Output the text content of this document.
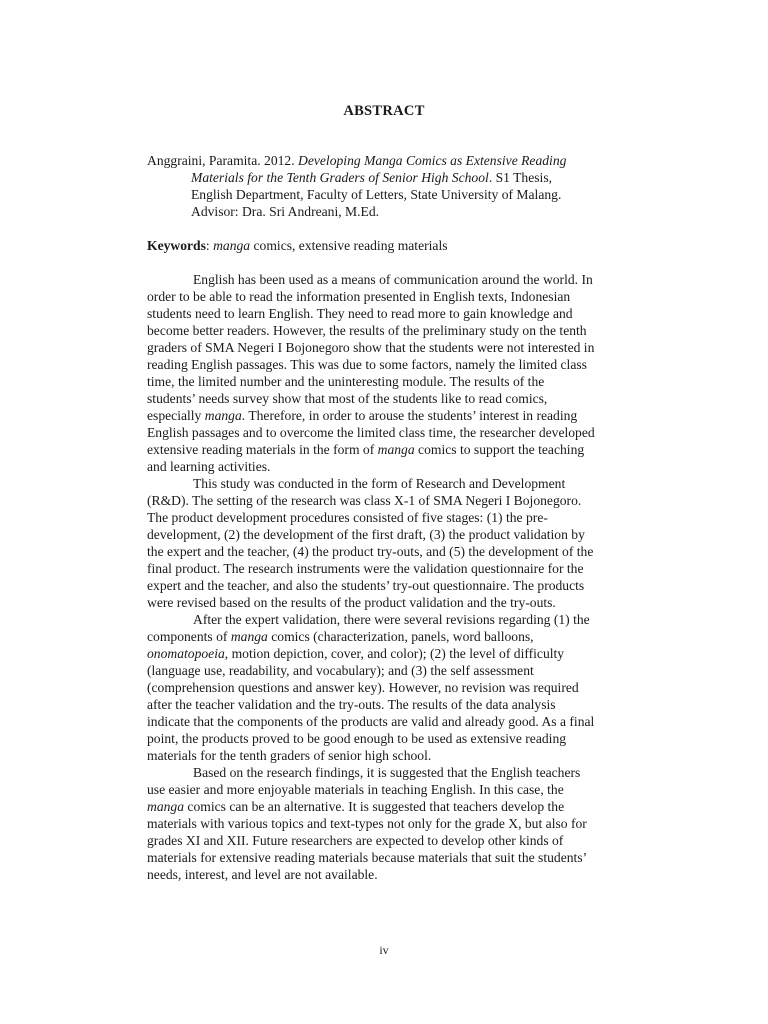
ABSTRACT
Anggraini, Paramita. 2012. Developing Manga Comics as Extensive Reading
Materials for the Tenth Graders of Senior High School. S1 Thesis,
English Department, Faculty of Letters, State University of Malang.
Advisor: Dra. Sri Andreani, M.Ed.
Keywords: manga comics, extensive reading materials
English has been used as a means of communication around the world. In
order to be able to read the information presented in English texts, Indonesian
students need to learn English. They need to read more to gain knowledge and
become better readers. However, the results of the preliminary study on the tenth
graders of SMA Negeri I Bojonegoro show that the students were not interested in
reading English passages. This was due to some factors, namely the limited class
time, the limited number and the uninteresting module. The results of the
students’ needs survey show that most of the students like to read comics,
especially manga. Therefore, in order to arouse the students’ interest in reading
English passages and to overcome the limited class time, the researcher developed
extensive reading materials in the form of manga comics to support the teaching
and learning activities.
This study was conducted in the form of Research and Development
(R&D). The setting of the research was class X-1 of SMA Negeri I Bojonegoro.
The product development procedures consisted of five stages: (1) the pre-
development, (2) the development of the first draft, (3) the product validation by
the expert and the teacher, (4) the product try-outs, and (5) the development of the
final product. The research instruments were the validation questionnaire for the
expert and the teacher, and also the students’ try-out questionnaire. The products
were revised based on the results of the product validation and the try-outs.
After the expert validation, there were several revisions regarding (1) the
components of manga comics (characterization, panels, word balloons,
onomatopoeia, motion depiction, cover, and color); (2) the level of difficulty
(language use, readability, and vocabulary); and (3) the self assessment
(comprehension questions and answer key). However, no revision was required
after the teacher validation and the try-outs. The results of the data analysis
indicate that the components of the products are valid and already good. As a final
point, the products proved to be good enough to be used as extensive reading
materials for the tenth graders of senior high school.
Based on the research findings, it is suggested that the English teachers
use easier and more enjoyable materials in teaching English. In this case, the
manga comics can be an alternative. It is suggested that teachers develop the
materials with various topics and text-types not only for the grade X, but also for
grades XI and XII. Future researchers are expected to develop other kinds of
materials for extensive reading materials because materials that suit the students’
needs, interest, and level are not available.
iv
